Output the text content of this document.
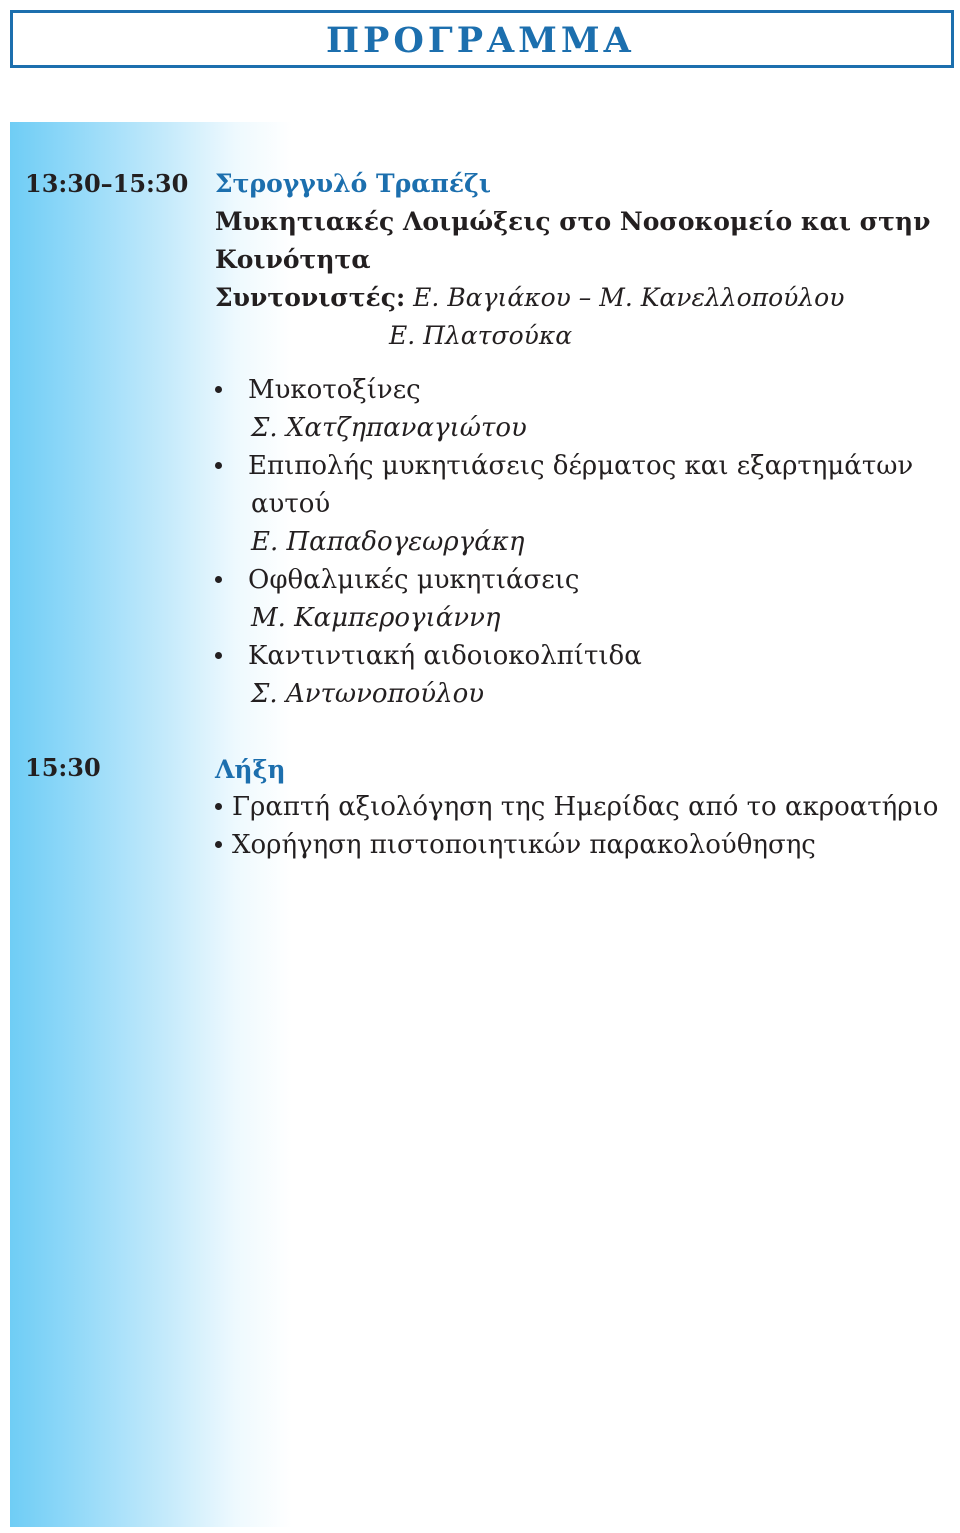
ΠΡΟΓΡΑΜΜΑ
13:30–15:30 Στρογγυλό Τραπέζι
Μυκητιακές Λοιμώξεις στο Νοσοκομείο και στην
Κοινότητα
Συντονιστές: Ε. Βαγιάκου – Μ. Κανελλοπούλου
Ε. Πλατσούκα
Μυκοτοξίνες
Σ. Χατζηπαναγιώτου
Επιπολής μυκητιάσεις δέρματος και εξαρτημάτων
αυτού
Ε. Παπαδογεωργάκη
Οφθαλμικές μυκητιάσεις
Μ. Καμπερογιάννη
Καντιντιακή αιδοιοκολπίτιδα
Σ. Αντωνοπούλου
15:30	Λήξη
Γραπτή αξιολόγηση της Ημερίδας από το ακροατήριο
Χορήγηση πιστοποιητικών παρακολούθησης
